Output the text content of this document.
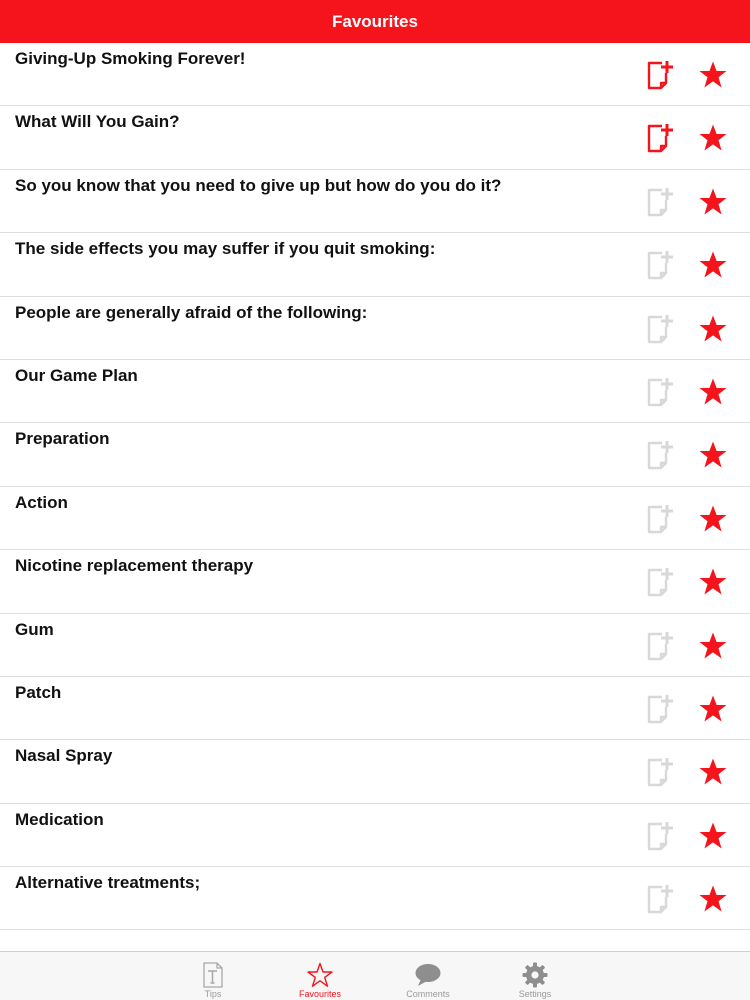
Favourites
Giving-Up Smoking Forever!
What Will You Gain?
So you know that you need to give up but how do you do it?
The side effects you may suffer if you quit smoking:
People are generally afraid of the following:
Our Game Plan
Preparation
Action
Nicotine replacement therapy
Gum
Patch
Nasal Spray
Medication
Alternative treatments;
Tips	Favourites	Comments	Settings
